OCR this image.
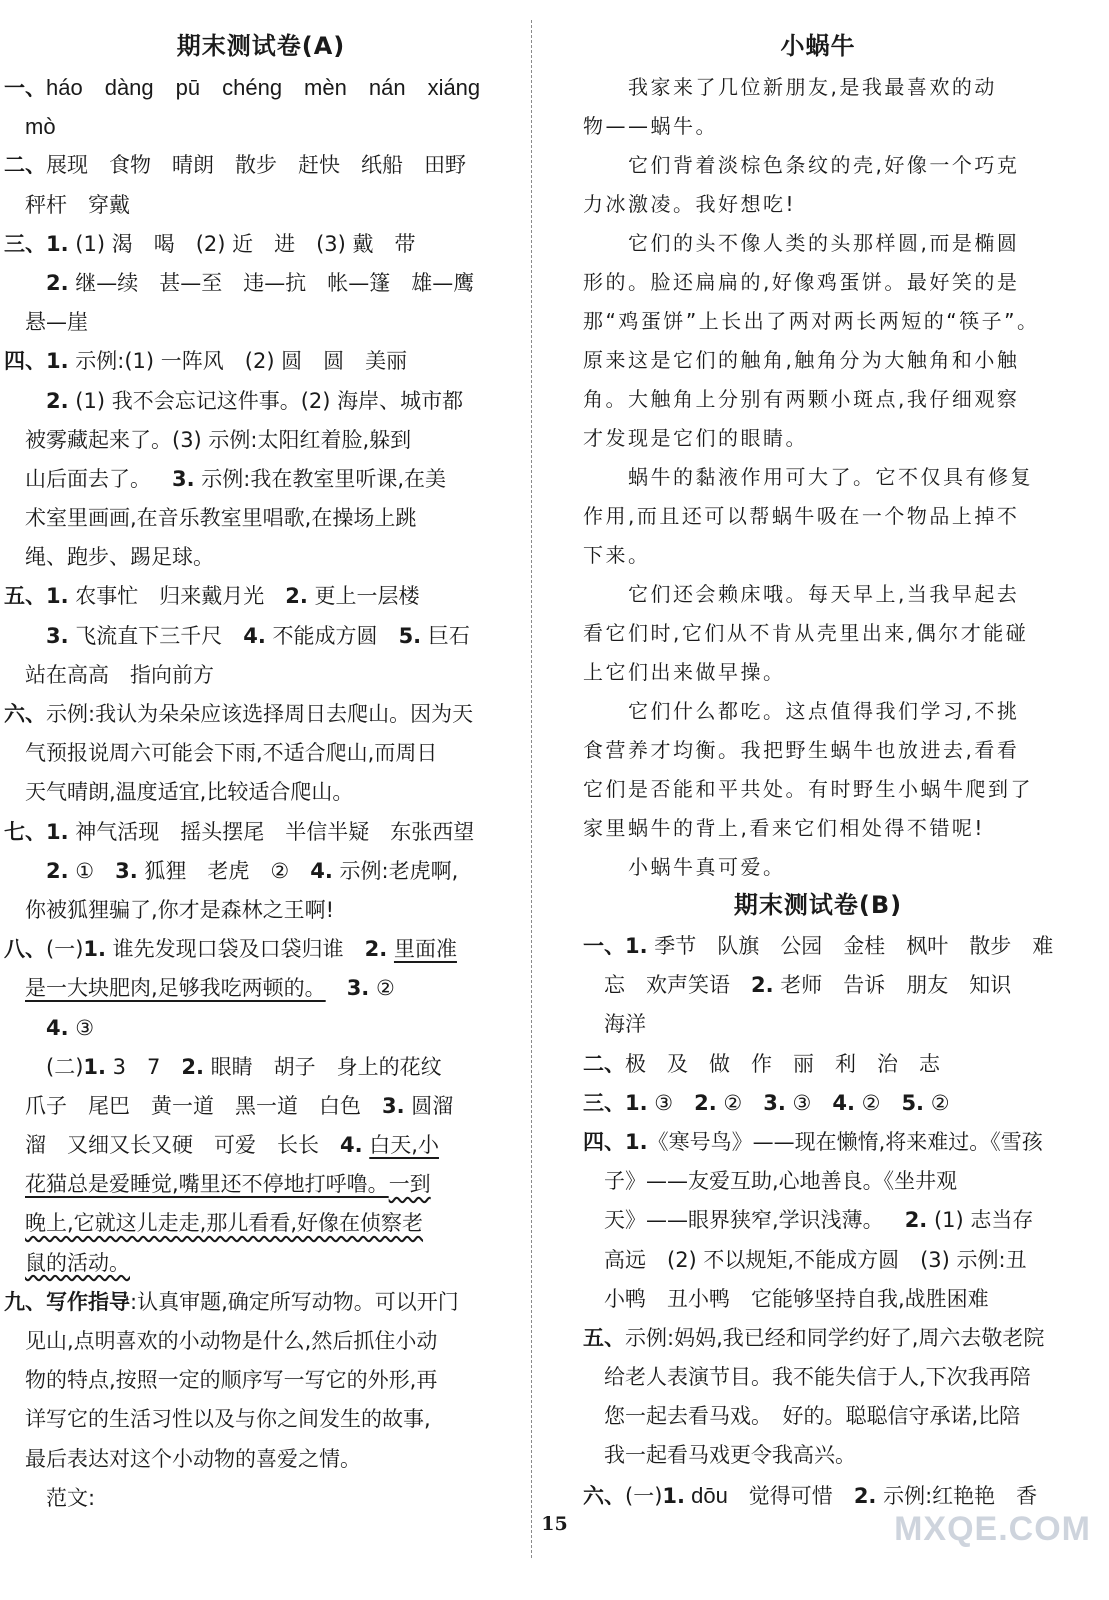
期末测试卷(A)
一、háo　dàng　pū　chéng　mèn　nán　xiáng
 mò
二、展现　食物　晴朗　散步　赶快　纸船　田野
 秤杆　穿戴
三、1. (1) 渴　喝　(2) 近　进　(3) 戴　带
  2. 继—续　甚—至　违—抗　帐—篷　雄—鹰
 悬—崖
四、1. 示例:(1) 一阵风　(2) 圆　圆　美丽
  2. (1) 我不会忘记这件事。(2) 海岸、城市都
 被雾藏起来了。(3) 示例:太阳红着脸,躲到
 山后面去了。  3. 示例:我在教室里听课,在美
 术室里画画,在音乐教室里唱歌,在操场上跳
 绳、跑步、踢足球。
五、1. 农事忙　归来戴月光  2. 更上一层楼
  3. 飞流直下三千尺  4. 不能成方圆  5. 巨石
 站在高高　指向前方
六、示例:我认为朵朵应该选择周日去爬山。因为天
 气预报说周六可能会下雨,不适合爬山,而周日
 天气晴朗,温度适宜,比较适合爬山。
七、1. 神气活现　摇头摆尾　半信半疑　东张西望
  2. ①  3. 狐狸　老虎　②  4. 示例:老虎啊,
 你被狐狸骗了,你才是森林之王啊!
八、(一)1. 谁先发现口袋及口袋归谁  2. 里面准
 是一大块肥肉,足够我吃两顿的。  3. ②
  4. ③
  (二)1. 3　7  2. 眼睛　胡子　身上的花纹
 爪子　尾巴　黄一道　黑一道　白色  3. 圆溜
 溜　又细又长又硬　可爱　长长  4. 白天,小
 花猫总是爱睡觉,嘴里还不停地打呼噜。一到
 晚上,它就这儿走走,那儿看看,好像在侦察老
 鼠的活动。
九、写作指导:认真审题,确定所写动物。可以开门
 见山,点明喜欢的小动物是什么,然后抓住小动
 物的特点,按照一定的顺序写一写它的外形,再
 详写它的生活习性以及与你之间发生的故事,
 最后表达对这个小动物的喜爱之情。
  范文:
小蜗牛
　　我家来了几位新朋友,是我最喜欢的动
物——蜗牛。
　　它们背着淡棕色条纹的壳,好像一个巧克
力冰激凌。我好想吃!
　　它们的头不像人类的头那样圆,而是椭圆
形的。脸还扁扁的,好像鸡蛋饼。最好笑的是
那“鸡蛋饼”上长出了两对两长两短的“筷子”。
原来这是它们的触角,触角分为大触角和小触
角。大触角上分别有两颗小斑点,我仔细观察
才发现是它们的眼睛。
　　蜗牛的黏液作用可大了。它不仅具有修复
作用,而且还可以帮蜗牛吸在一个物品上掉不
下来。
　　它们还会赖床哦。每天早上,当我早起去
看它们时,它们从不肯从壳里出来,偶尔才能碰
上它们出来做早操。
　　它们什么都吃。这点值得我们学习,不挑
食营养才均衡。我把野生蜗牛也放进去,看看
它们是否能和平共处。有时野生小蜗牛爬到了
家里蜗牛的背上,看来它们相处得不错呢!
　　小蜗牛真可爱。
期末测试卷(B)
一、1. 季节　队旗　公园　金桂　枫叶　散步　难
 忘　欢声笑语  2. 老师　告诉　朋友　知识
 海洋
二、极　及　做　作　丽　利　治　志
三、1. ③　2. ②　3. ③　4. ②　5. ②
四、1.《寒号鸟》——现在懒惰,将来难过。《雪孩
 子》——友爱互助,心地善良。《坐井观
 天》——眼界狭窄,学识浅薄。  2. (1) 志当存
 高远　(2) 不以规矩,不能成方圆　(3) 示例:丑
 小鸭　丑小鸭　它能够坚持自我,战胜困难
五、示例:妈妈,我已经和同学约好了,周六去敬老院
 给老人表演节目。我不能失信于人,下次我再陪
 您一起去看马戏。　好的。聪聪信守承诺,比陪
 我一起看马戏更令我高兴。
六、(一)1. dōu　觉得可惜  2. 示例:红艳艳　香
15	MXQE.COM
